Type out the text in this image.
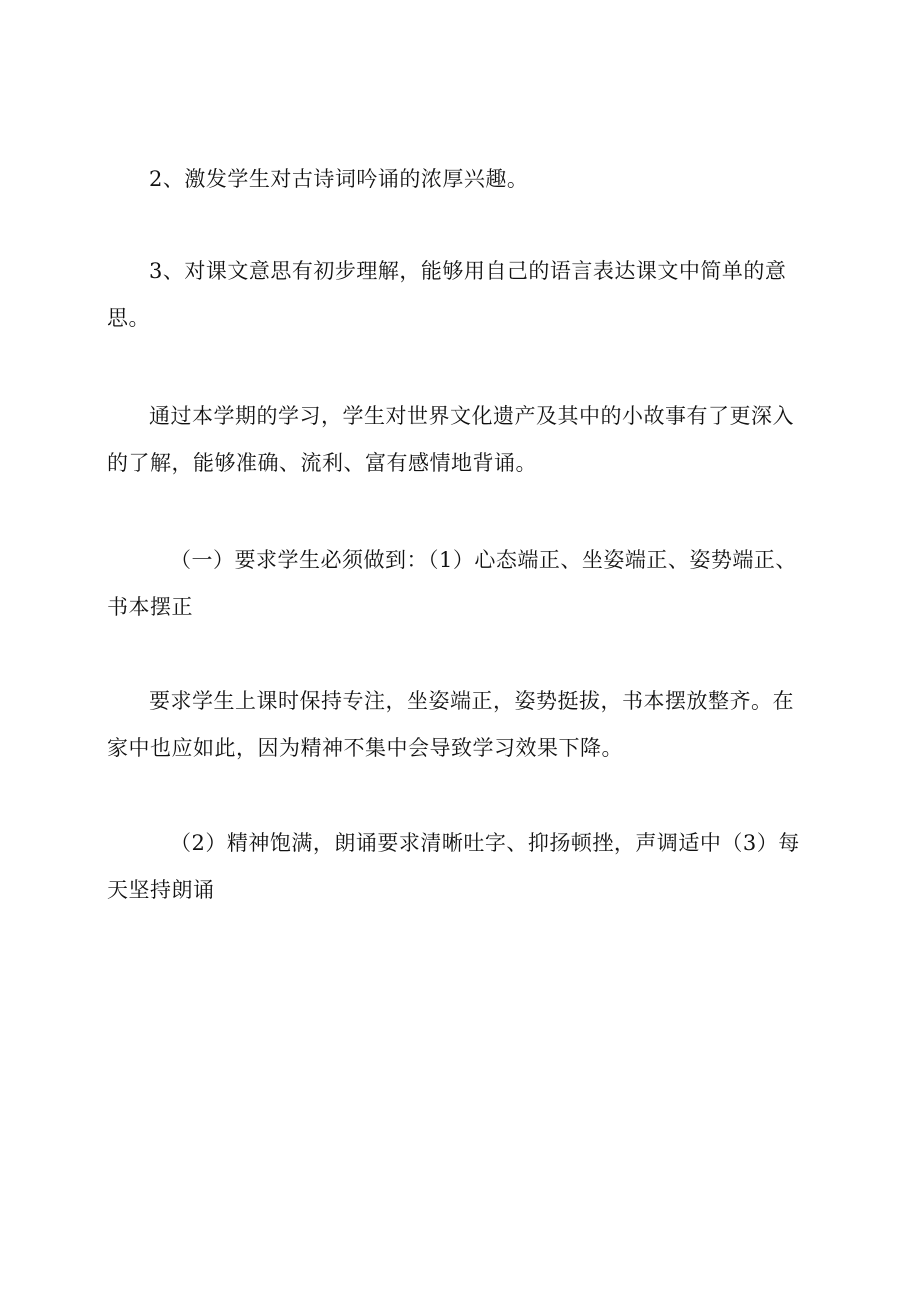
2、激发学生对古诗词吟诵的浓厚兴趣。

3、对课文意思有初步理解，能够用自己的语言表达课文中简单的意思。

通过本学期的学习，学生对世界文化遗产及其中的小故事有了更深入的了解，能够准确、流利、富有感情地背诵。

（一）要求学生必须做到：（1）心态端正、坐姿端正、姿势端正、书本摆正

要求学生上课时保持专注，坐姿端正，姿势挺拔，书本摆放整齐。在家中也应如此，因为精神不集中会导致学习效果下降。

（2）精神饱满，朗诵要求清晰吐字、抑扬顿挫，声调适中（3）每天坚持朗诵
